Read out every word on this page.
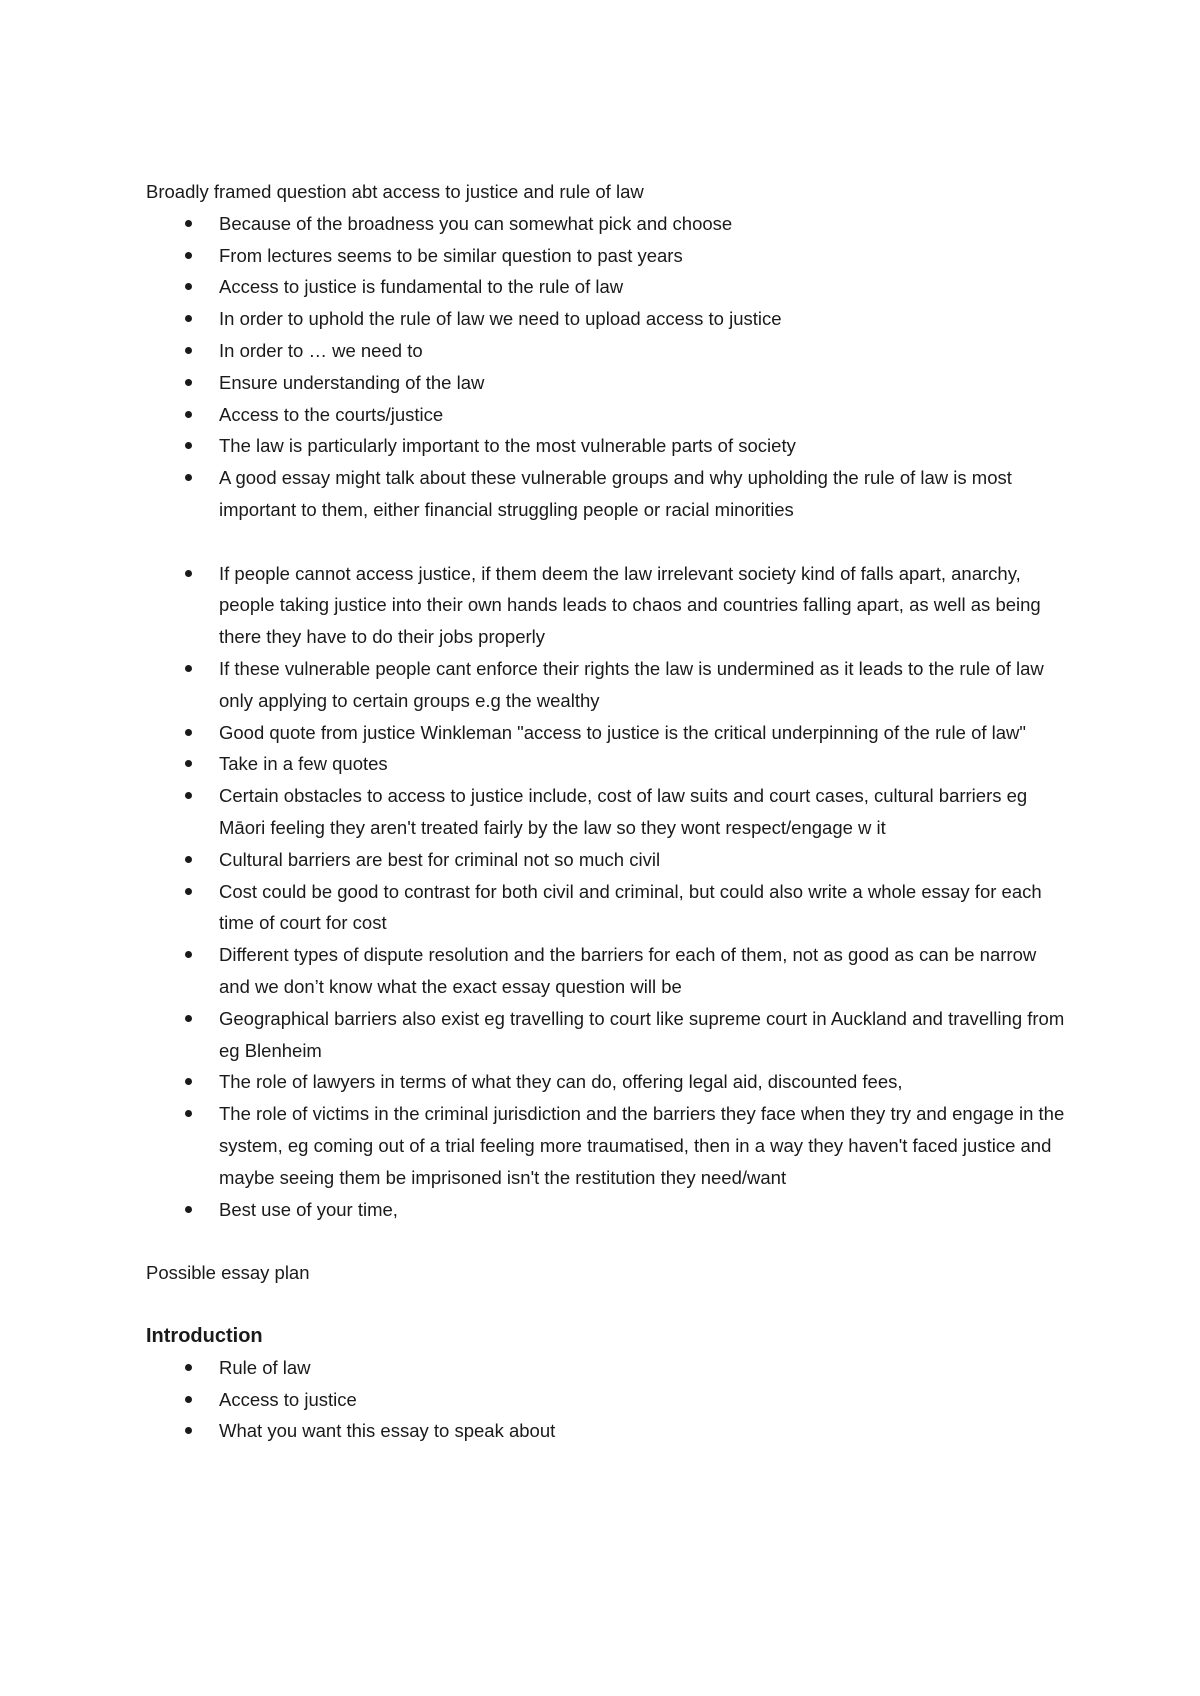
Broadly framed question abt access to justice and rule of law

Because of the broadness you can somewhat pick and choose
From lectures seems to be similar question to past years
Access to justice is fundamental to the rule of law
In order to uphold the rule of law we need to upload access to justice
In order to … we need to
Ensure understanding of the law
Access to the courts/justice
The law is particularly important to the most vulnerable parts of society
A good essay might talk about these vulnerable groups and why upholding the rule of law is most important to them, either financial struggling people or racial minorities
If people cannot access justice, if them deem the law irrelevant society kind of falls apart, anarchy, people taking justice into their own hands leads to chaos and countries falling apart, as well as being there they have to do their jobs properly
If these vulnerable people cant enforce their rights the law is undermined as it leads to the rule of law only applying to certain groups e.g the wealthy
Good quote from justice Winkleman "access to justice is the critical underpinning of the rule of law"
Take in a few quotes
Certain obstacles to access to justice include, cost of law suits and court cases, cultural barriers eg Māori feeling they aren't treated fairly by the law so they wont respect/engage w it
Cultural barriers are best for criminal not so much civil
Cost could be good to contrast for both civil and criminal, but could also write a whole essay for each time of court for cost
Different types of dispute resolution and the barriers for each of them, not as good as can be narrow and we don’t know what the exact essay question will be
Geographical barriers also exist eg travelling to court like supreme court in Auckland and travelling from eg Blenheim
The role of lawyers in terms of what they can do, offering legal aid, discounted fees,
The role of victims in the criminal jurisdiction and the barriers they face when they try and engage in the system, eg coming out of a trial feeling more traumatised, then in a way they haven't faced justice and maybe seeing them be imprisoned isn't the restitution they need/want
Best use of your time,

Possible essay plan

Introduction

Rule of law
Access to justice
What you want this essay to speak about
